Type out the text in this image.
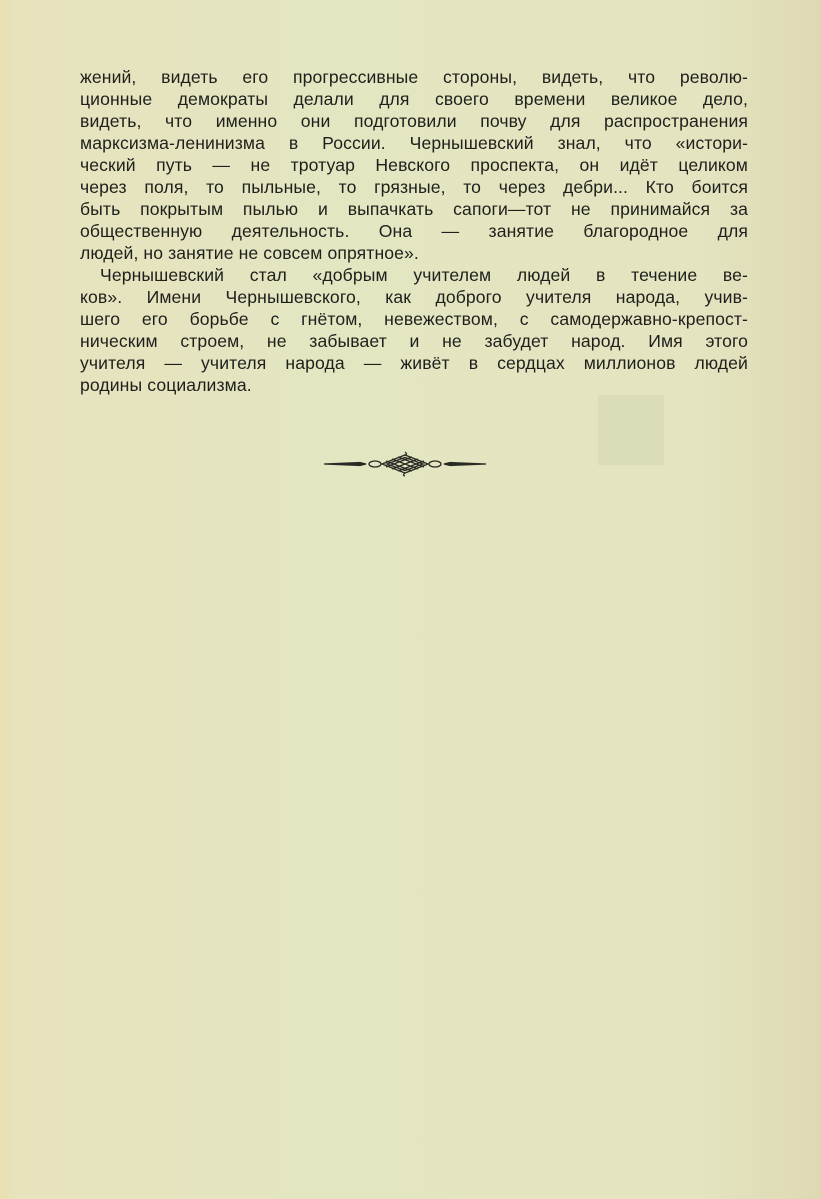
жений, видеть его прогрессивные стороны, видеть, что револю-
ционные демократы делали для своего времени великое дело,
видеть, что именно они подготовили почву для распространения
марксизма-ленинизма в России. Чернышевский знал, что «истори-
ческий путь — не тротуар Невского проспекта, он идёт целиком
через поля, то пыльные, то грязные, то через дебри... Кто боится
быть покрытым пылью и выпачкать сапоги—тот не принимайся за
общественную деятельность. Она — занятие благородное для
людей, но занятие не совсем опрятное».
Чернышевский стал «добрым учителем людей в течение ве-
ков». Имени Чернышевского, как доброго учителя народа, учив-
шего его борьбе с гнётом, невежеством, с самодержавно-крепост-
ническим строем, не забывает и не забудет народ. Имя этого
учителя — учителя народа — живёт в сердцах миллионов людей
родины социализма.
